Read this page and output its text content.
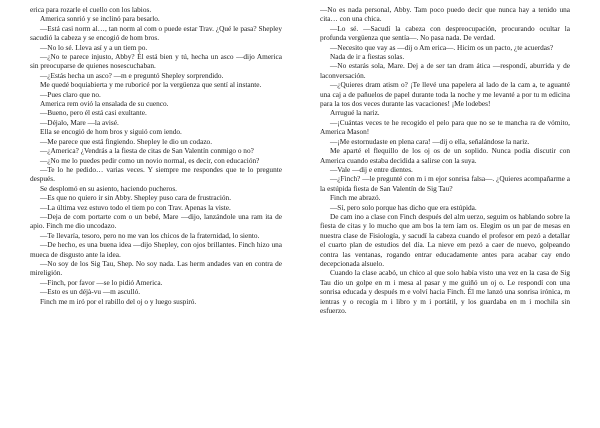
erica para rozarle el cuello con los labios.

America sonrió y se inclinó para besarlo.

—Está casi norm al…, tan norm al com o puede estar Trav. ¿Qué le pasa? Shepley sacudió la cabeza y se encogió de hom bros.

—No lo sé. Lleva así y a un tiem po.

—¿No te parece injusto, Abby? Él está bien y tú, hecha un asco —dijo America sin preocuparse de quienes nosescuchaban.

—¿Estás hecha un asco? —m e preguntó Shepley sorprendido.

Me quedé boquiabierta y me ruboricé por la vergüenza que sentí al instante.

—Pues claro que no.

America rem ovió la ensalada de su cuenco.

—Bueno, pero él está casi exultante.

—Déjalo, Mare —la avisé.

Ella se encogió de hom bros y siguió com iendo.

—Me parece que está fingiendo. Shepley le dio un codazo.

—¿America? ¿Vendrás a la fiesta de citas de San Valentín conmigo o no?

—¿No me lo puedes pedir como un novio normal, es decir, con educación?

—Te lo he pedido… varias veces. Y siempre me respondes que te lo pregunte después.

Se desplomó en su asiento, haciendo pucheros.

—Es que no quiero ir sin Abby. Shepley puso cara de frustración.

—La última vez estuvo todo el tiem po con Trav. Apenas la viste.

—Deja de com portarte com o un bebé, Mare —dijo, lanzándole una ram ita de apio. Finch me dio uncodazo.

—Te llevaría, tesoro, pero no me van los chicos de la fraternidad, lo siento.

—De hecho, es una buena idea —dijo Shepley, con ojos brillantes. Finch hizo una mueca de disgusto ante la idea.

—No soy de los Sig Tau, Shep. No soy nada. Las herm andades van en contra de mireligión.

—Finch, por favor —se lo pidió America.

—Esto es un déjà-vu —m asculló.

Finch me m iró por el rabillo del oj o y luego suspiró.

—No es nada personal, Abby. Tam poco puedo decir que nunca hay a tenido una cita… con una chica.

—Lo sé. —Sacudí la cabeza con despreocupación, procurando ocultar la profunda vergüenza que sentía—. No pasa nada. De verdad.

—Necesito que vay as —dij o Am erica—. Hicim os un pacto, ¿te acuerdas?

Nada de ir a fiestas solas.

—No estarás sola, Mare. Dej a de ser tan dram ática —respondí, aburrida y de laconversación.

—¿Quieres dram atism o? ¡Te llevé una papelera al lado de la cam a, te aguanté una caj a de pañuelos de papel durante toda la noche y me levanté a por tu m edicina para la tos dos veces durante las vacaciones! ¡Me lodebes!

Arrugué la nariz.

—¡Cuántas veces te he recogido el pelo para que no se te mancha ra de vómito, America Mason!

—¡Me estornudaste en plena cara! —dij o ella, señalándose la nariz.

Me aparté el flequillo de los oj os de un soplido. Nunca podía discutir con America cuando estaba decidida a salirse con la suya.

—Vale —dij e entre dientes.

—¿Finch? —le pregunté con m i m ejor sonrisa falsa—. ¿Quieres acompañarme a la estúpida fiesta de San Valentín de Sig Tau?

Finch me abrazó.

—Sí, pero solo porque has dicho que era estúpida.

De cam ino a clase con Finch después del alm uerzo, seguim os hablando sobre la fiesta de citas y lo mucho que am bos la tem íam os. Elegim os un par de mesas en nuestra clase de Fisiología, y sacudí la cabeza cuando el profesor em pezó a detallar el cuarto plan de estudios del día. La nieve em pezó a caer de nuevo, golpeando contra las ventanas, rogando entrar educadamente antes para acabar cay endo decepcionada alsuelo.

Cuando la clase acabó, un chico al que solo había visto una vez en la casa de Sig Tau dio un golpe en m i mesa al pasar y me guiñó un oj o. Le respondí con una sonrisa educada y después m e volví hacia Finch. Él me lanzó una sonrisa irónica, m ientras y o recogía m i libro y m i portátil, y los guardaba en m i mochila sin esfuerzo.
